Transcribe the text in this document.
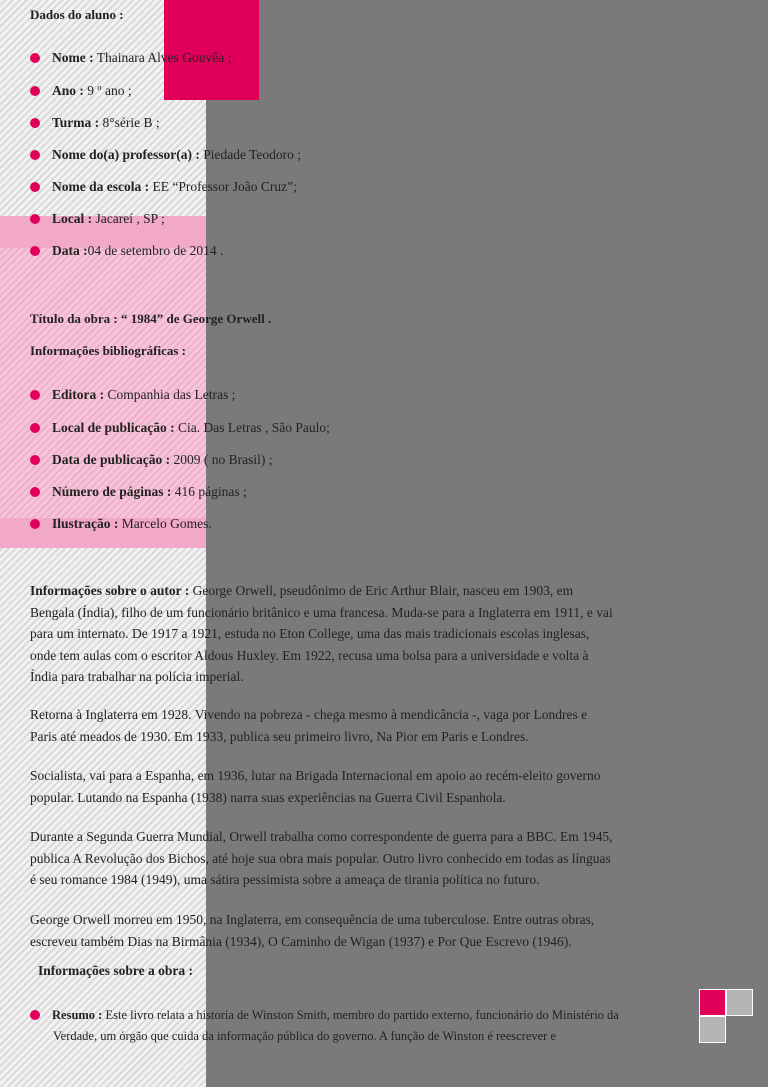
Dados do aluno :
Nome : Thainara Alves Gouvêa ;
Ano : 9 º ano ;
Turma : 8°série B ;
Nome do(a) professor(a) : Piedade Teodoro ;
Nome da escola : EE “Professor João Cruz”;
Local : Jacareí , SP ;
Data :04 de setembro de 2014 .
Título da obra : “ 1984” de George Orwell .
Informações bibliográficas :
Editora : Companhia das Letras ;
Local de publicação : Cia. Das Letras , São Paulo;
Data de publicação : 2009 ( no Brasil) ;
Número de páginas : 416 páginas ;
Ilustração : Marcelo Gomes.

Informações sobre o autor : George Orwell, pseudônimo de Eric Arthur Blair, nasceu em 1903, em

Bengala (Índia), filho de um funcionário britânico e uma francesa. Muda-se para a Inglaterra em 1911, e vai

para um internato. De 1917 a 1921, estuda no Eton College, uma das mais tradicionais escolas inglesas,

onde tem aulas com o escritor Aldous Huxley. Em 1922, recusa uma bolsa para a universidade e volta à

Índia para trabalhar na polícia imperial.

Retorna à Inglaterra em 1928. Vivendo na pobreza - chega mesmo à mendicância -, vaga por Londres e

Paris até meados de 1930. Em 1933, publica seu primeiro livro, Na Pior em Paris e Londres.

Socialista, vai para a Espanha, em 1936, lutar na Brigada Internacional em apoio ao recém-eleito governo

popular. Lutando na Espanha (1938) narra suas experiências na Guerra Civil Espanhola.

Durante a Segunda Guerra Mundial, Orwell trabalha como correspondente de guerra para a BBC. Em 1945,

publica A Revolução dos Bichos, até hoje sua obra mais popular. Outro livro conhecido em todas as línguas

é seu romance 1984 (1949), uma sátira pessimista sobre a ameaça de tirania política no futuro.

George Orwell morreu em 1950, na Inglaterra, em consequência de uma tuberculose. Entre outras obras,

escreveu também Dias na Birmânia (1934), O Caminho de Wigan (1937) e Por Que Escrevo (1946).

Informações sobre a obra :

Resumo : Este livro relata a historia de Winston Smith, membro do partido externo, funcionário do Ministério da

Verdade, um órgão que cuida da informação pública do governo. A função de Winston é reescrever e
